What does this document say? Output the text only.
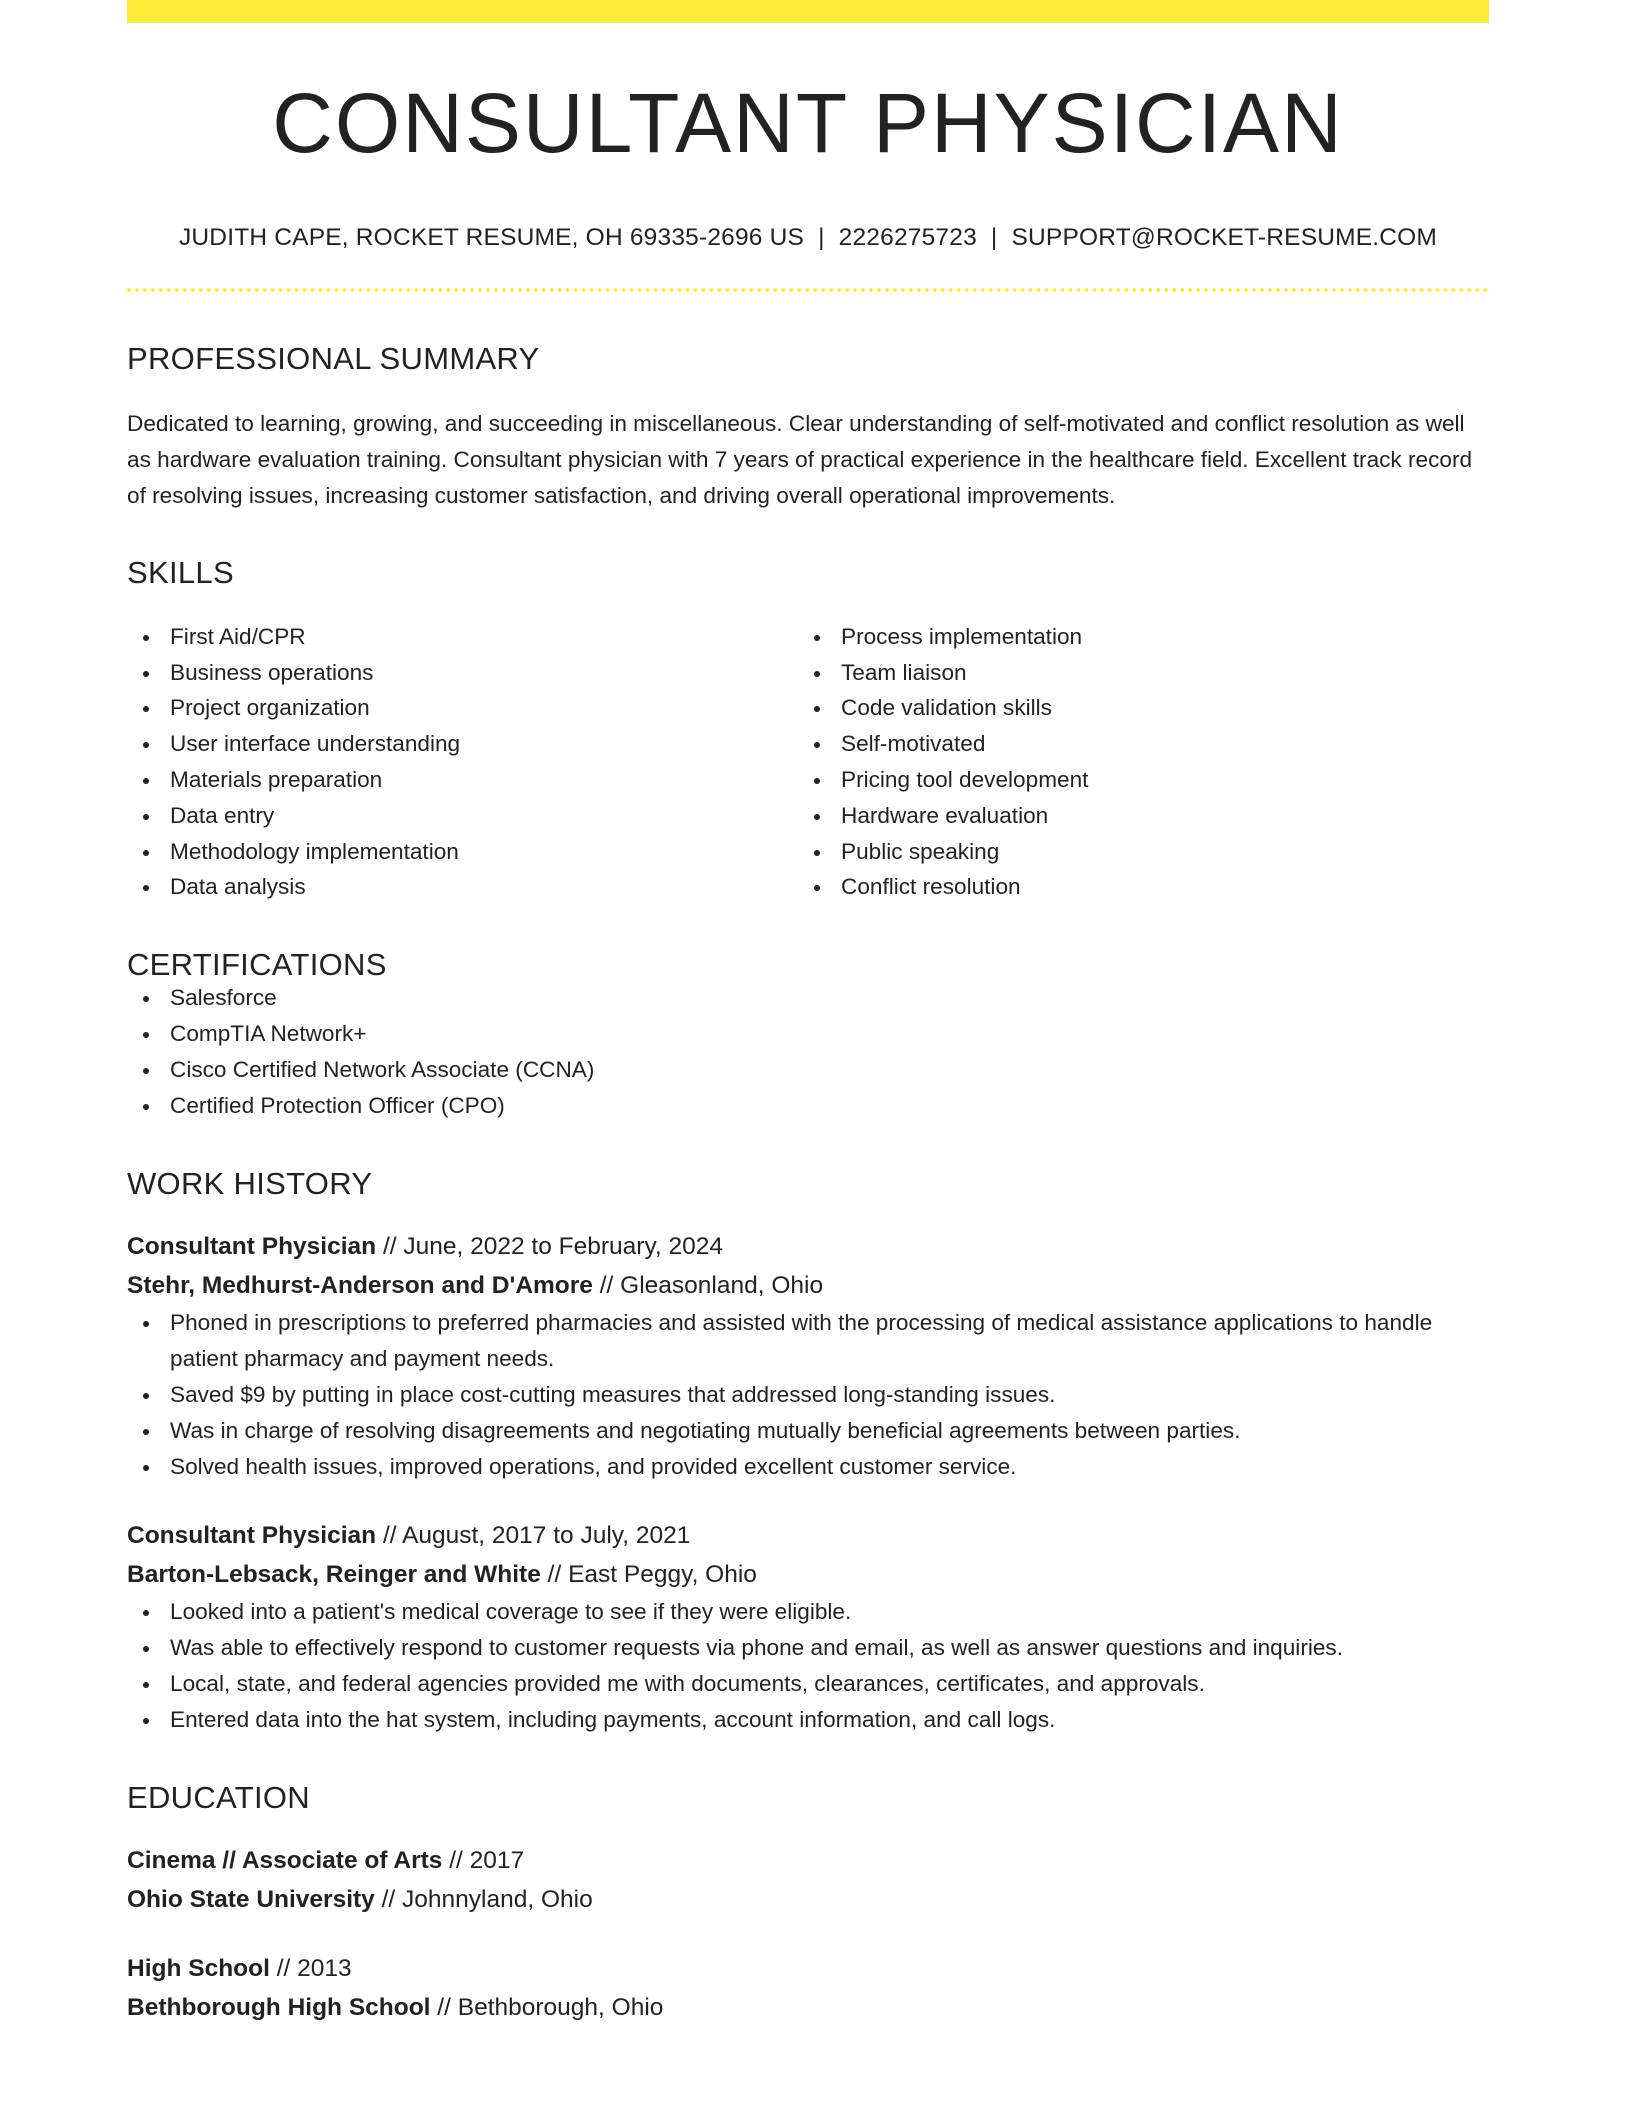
CONSULTANT PHYSICIAN
JUDITH CAPE, ROCKET RESUME, OH 69335-2696 US | 2226275723 | SUPPORT@ROCKET-RESUME.COM
PROFESSIONAL SUMMARY
Dedicated to learning, growing, and succeeding in miscellaneous. Clear understanding of self-motivated and conflict resolution as well as hardware evaluation training. Consultant physician with 7 years of practical experience in the healthcare field. Excellent track record of resolving issues, increasing customer satisfaction, and driving overall operational improvements.
SKILLS
First Aid/CPR
Business operations
Project organization
User interface understanding
Materials preparation
Data entry
Methodology implementation
Data analysis
Process implementation
Team liaison
Code validation skills
Self-motivated
Pricing tool development
Hardware evaluation
Public speaking
Conflict resolution
CERTIFICATIONS
Salesforce
CompTIA Network+
Cisco Certified Network Associate (CCNA)
Certified Protection Officer (CPO)
WORK HISTORY
Consultant Physician // June, 2022 to February, 2024
Stehr, Medhurst-Anderson and D'Amore // Gleasonland, Ohio
Phoned in prescriptions to preferred pharmacies and assisted with the processing of medical assistance applications to handle patient pharmacy and payment needs.
Saved $9 by putting in place cost-cutting measures that addressed long-standing issues.
Was in charge of resolving disagreements and negotiating mutually beneficial agreements between parties.
Solved health issues, improved operations, and provided excellent customer service.
Consultant Physician // August, 2017 to July, 2021
Barton-Lebsack, Reinger and White // East Peggy, Ohio
Looked into a patient's medical coverage to see if they were eligible.
Was able to effectively respond to customer requests via phone and email, as well as answer questions and inquiries.
Local, state, and federal agencies provided me with documents, clearances, certificates, and approvals.
Entered data into the hat system, including payments, account information, and call logs.
EDUCATION
Cinema // Associate of Arts // 2017
Ohio State University // Johnnyland, Ohio
High School // 2013
Bethborough High School // Bethborough, Ohio
